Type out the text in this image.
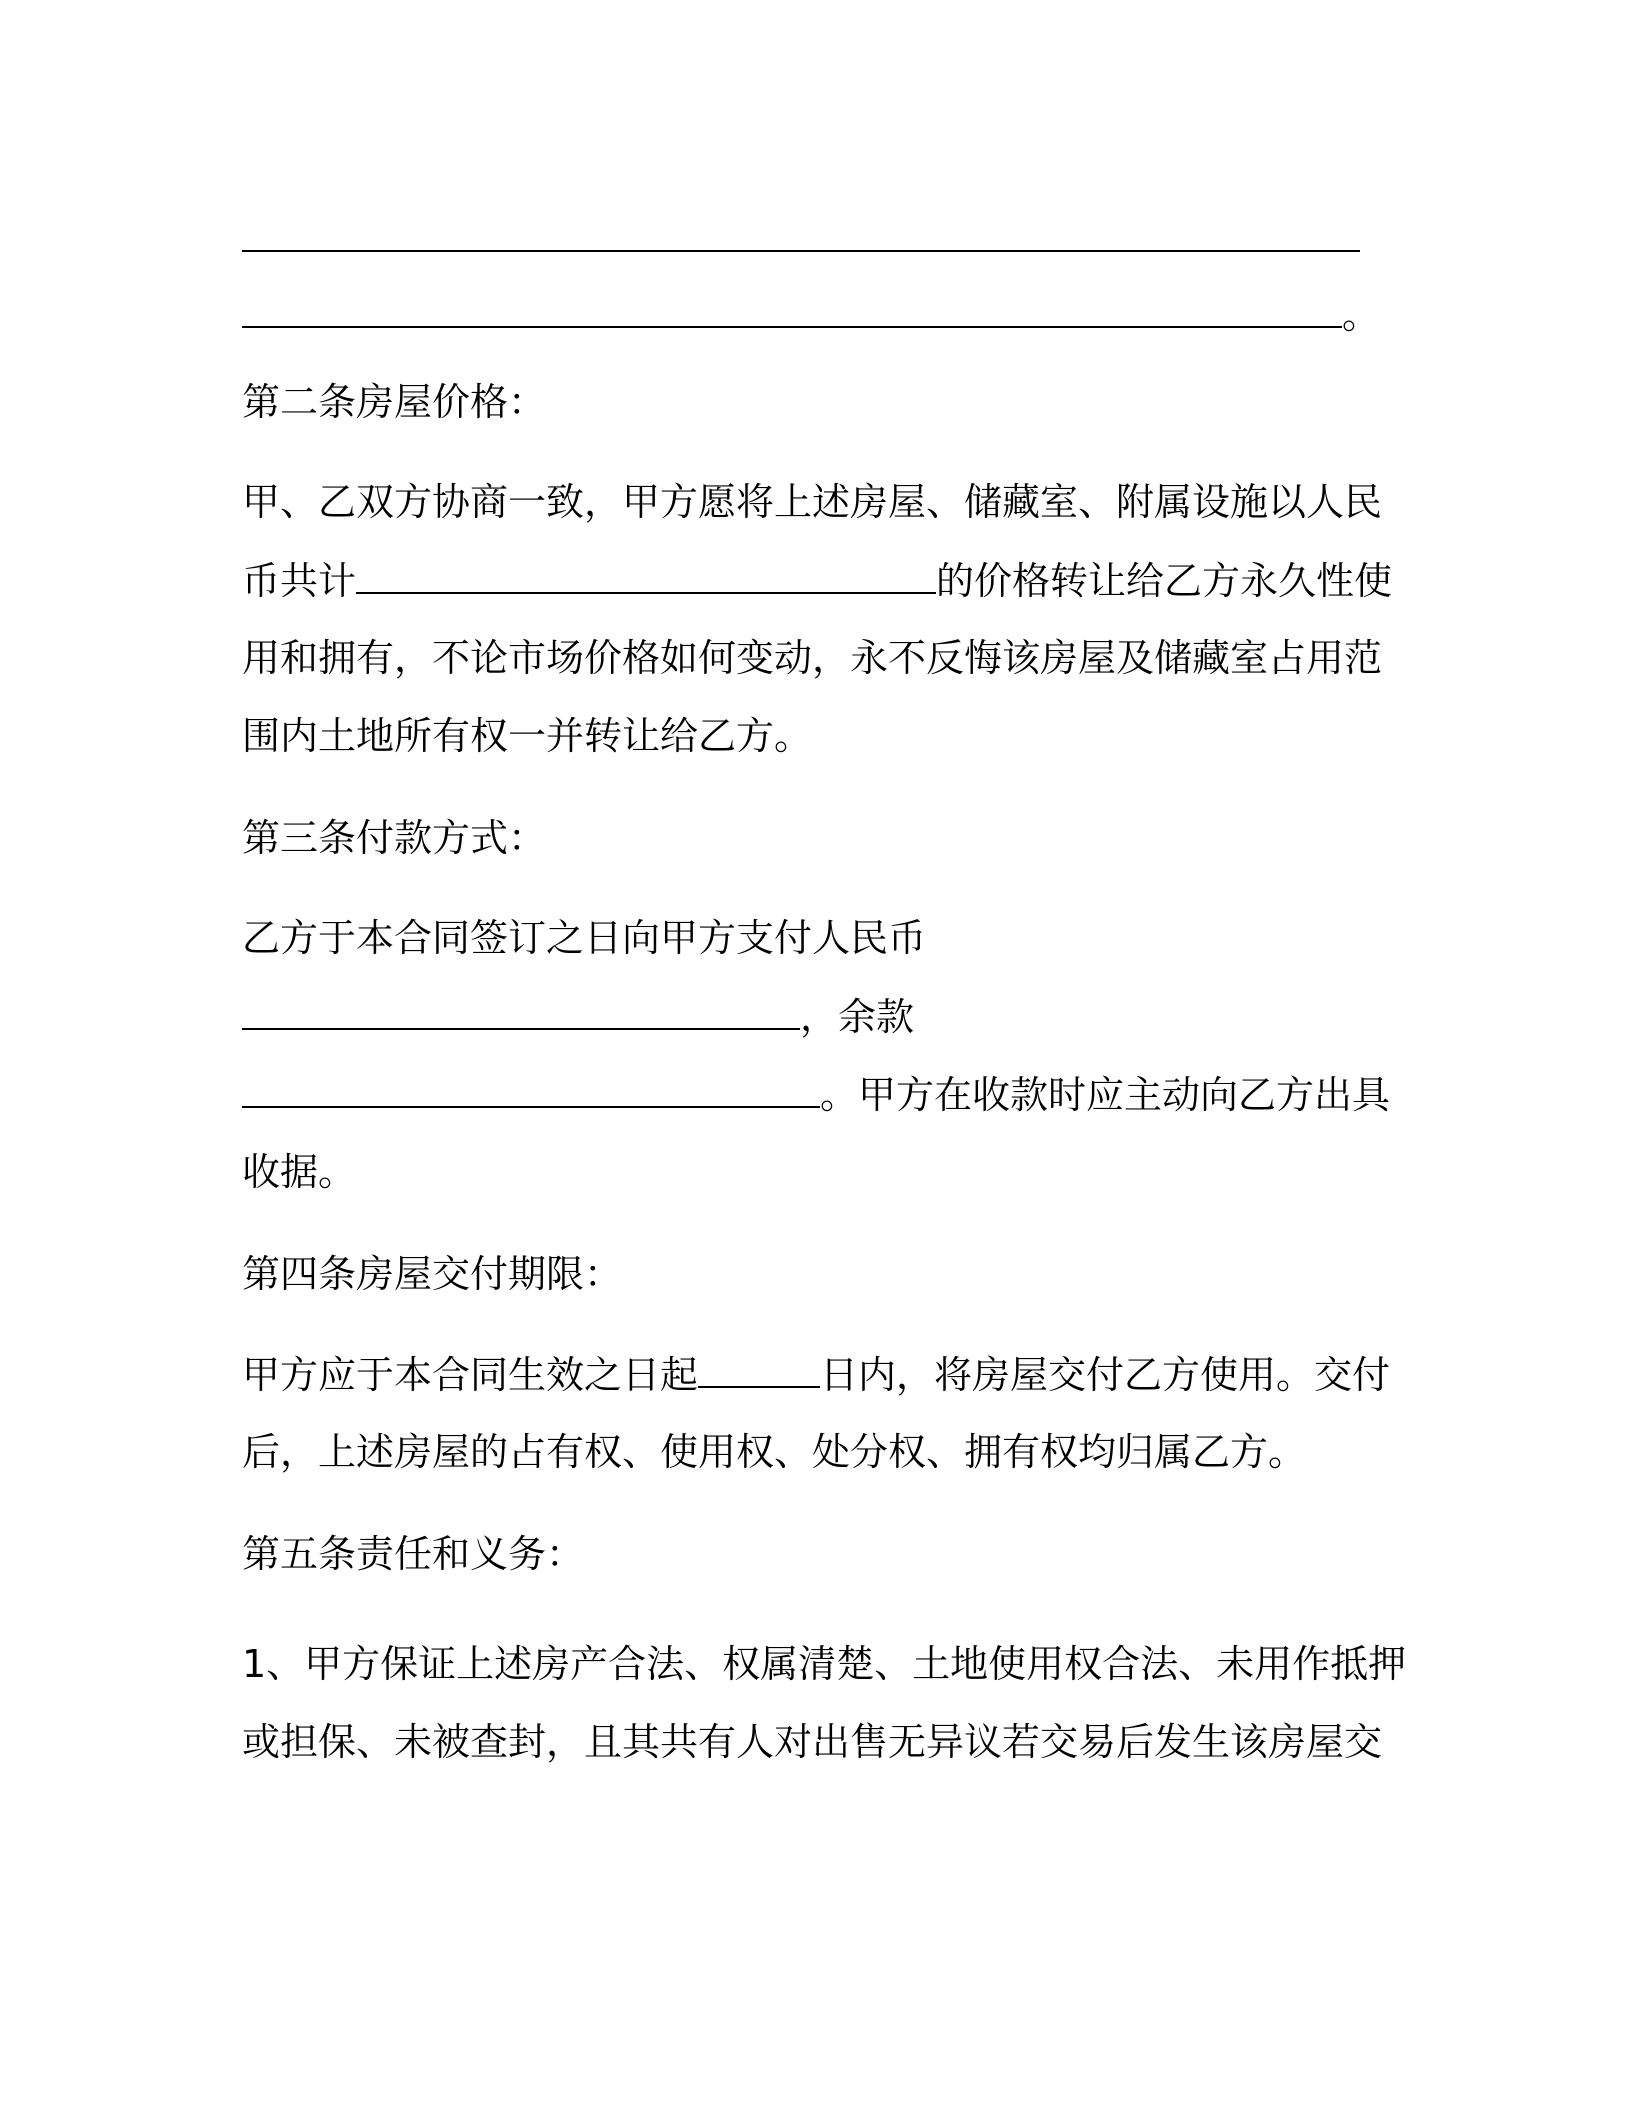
。
第二条房屋价格：
甲、乙双方协商一致，甲方愿将上述房屋、储藏室、附属设施以人民
币共计	的价格转让给乙方永久性使
用和拥有，不论市场价格如何变动，永不反悔该房屋及储藏室占用范
围内土地所有权一并转让给乙方。
第三条付款方式：
乙方于本合同签订之日向甲方支付人民币
，余款
。甲方在收款时应主动向乙方出具
收据。
第四条房屋交付期限：
甲方应于本合同生效之日起	日内，将房屋交付乙方使用。交付
后，上述房屋的占有权、使用权、处分权、拥有权均归属乙方。
第五条责任和义务：
1、甲方保证上述房产合法、权属清楚、土地使用权合法、未用作抵押
或担保、未被查封，且其共有人对出售无异议若交易后发生该房屋交
